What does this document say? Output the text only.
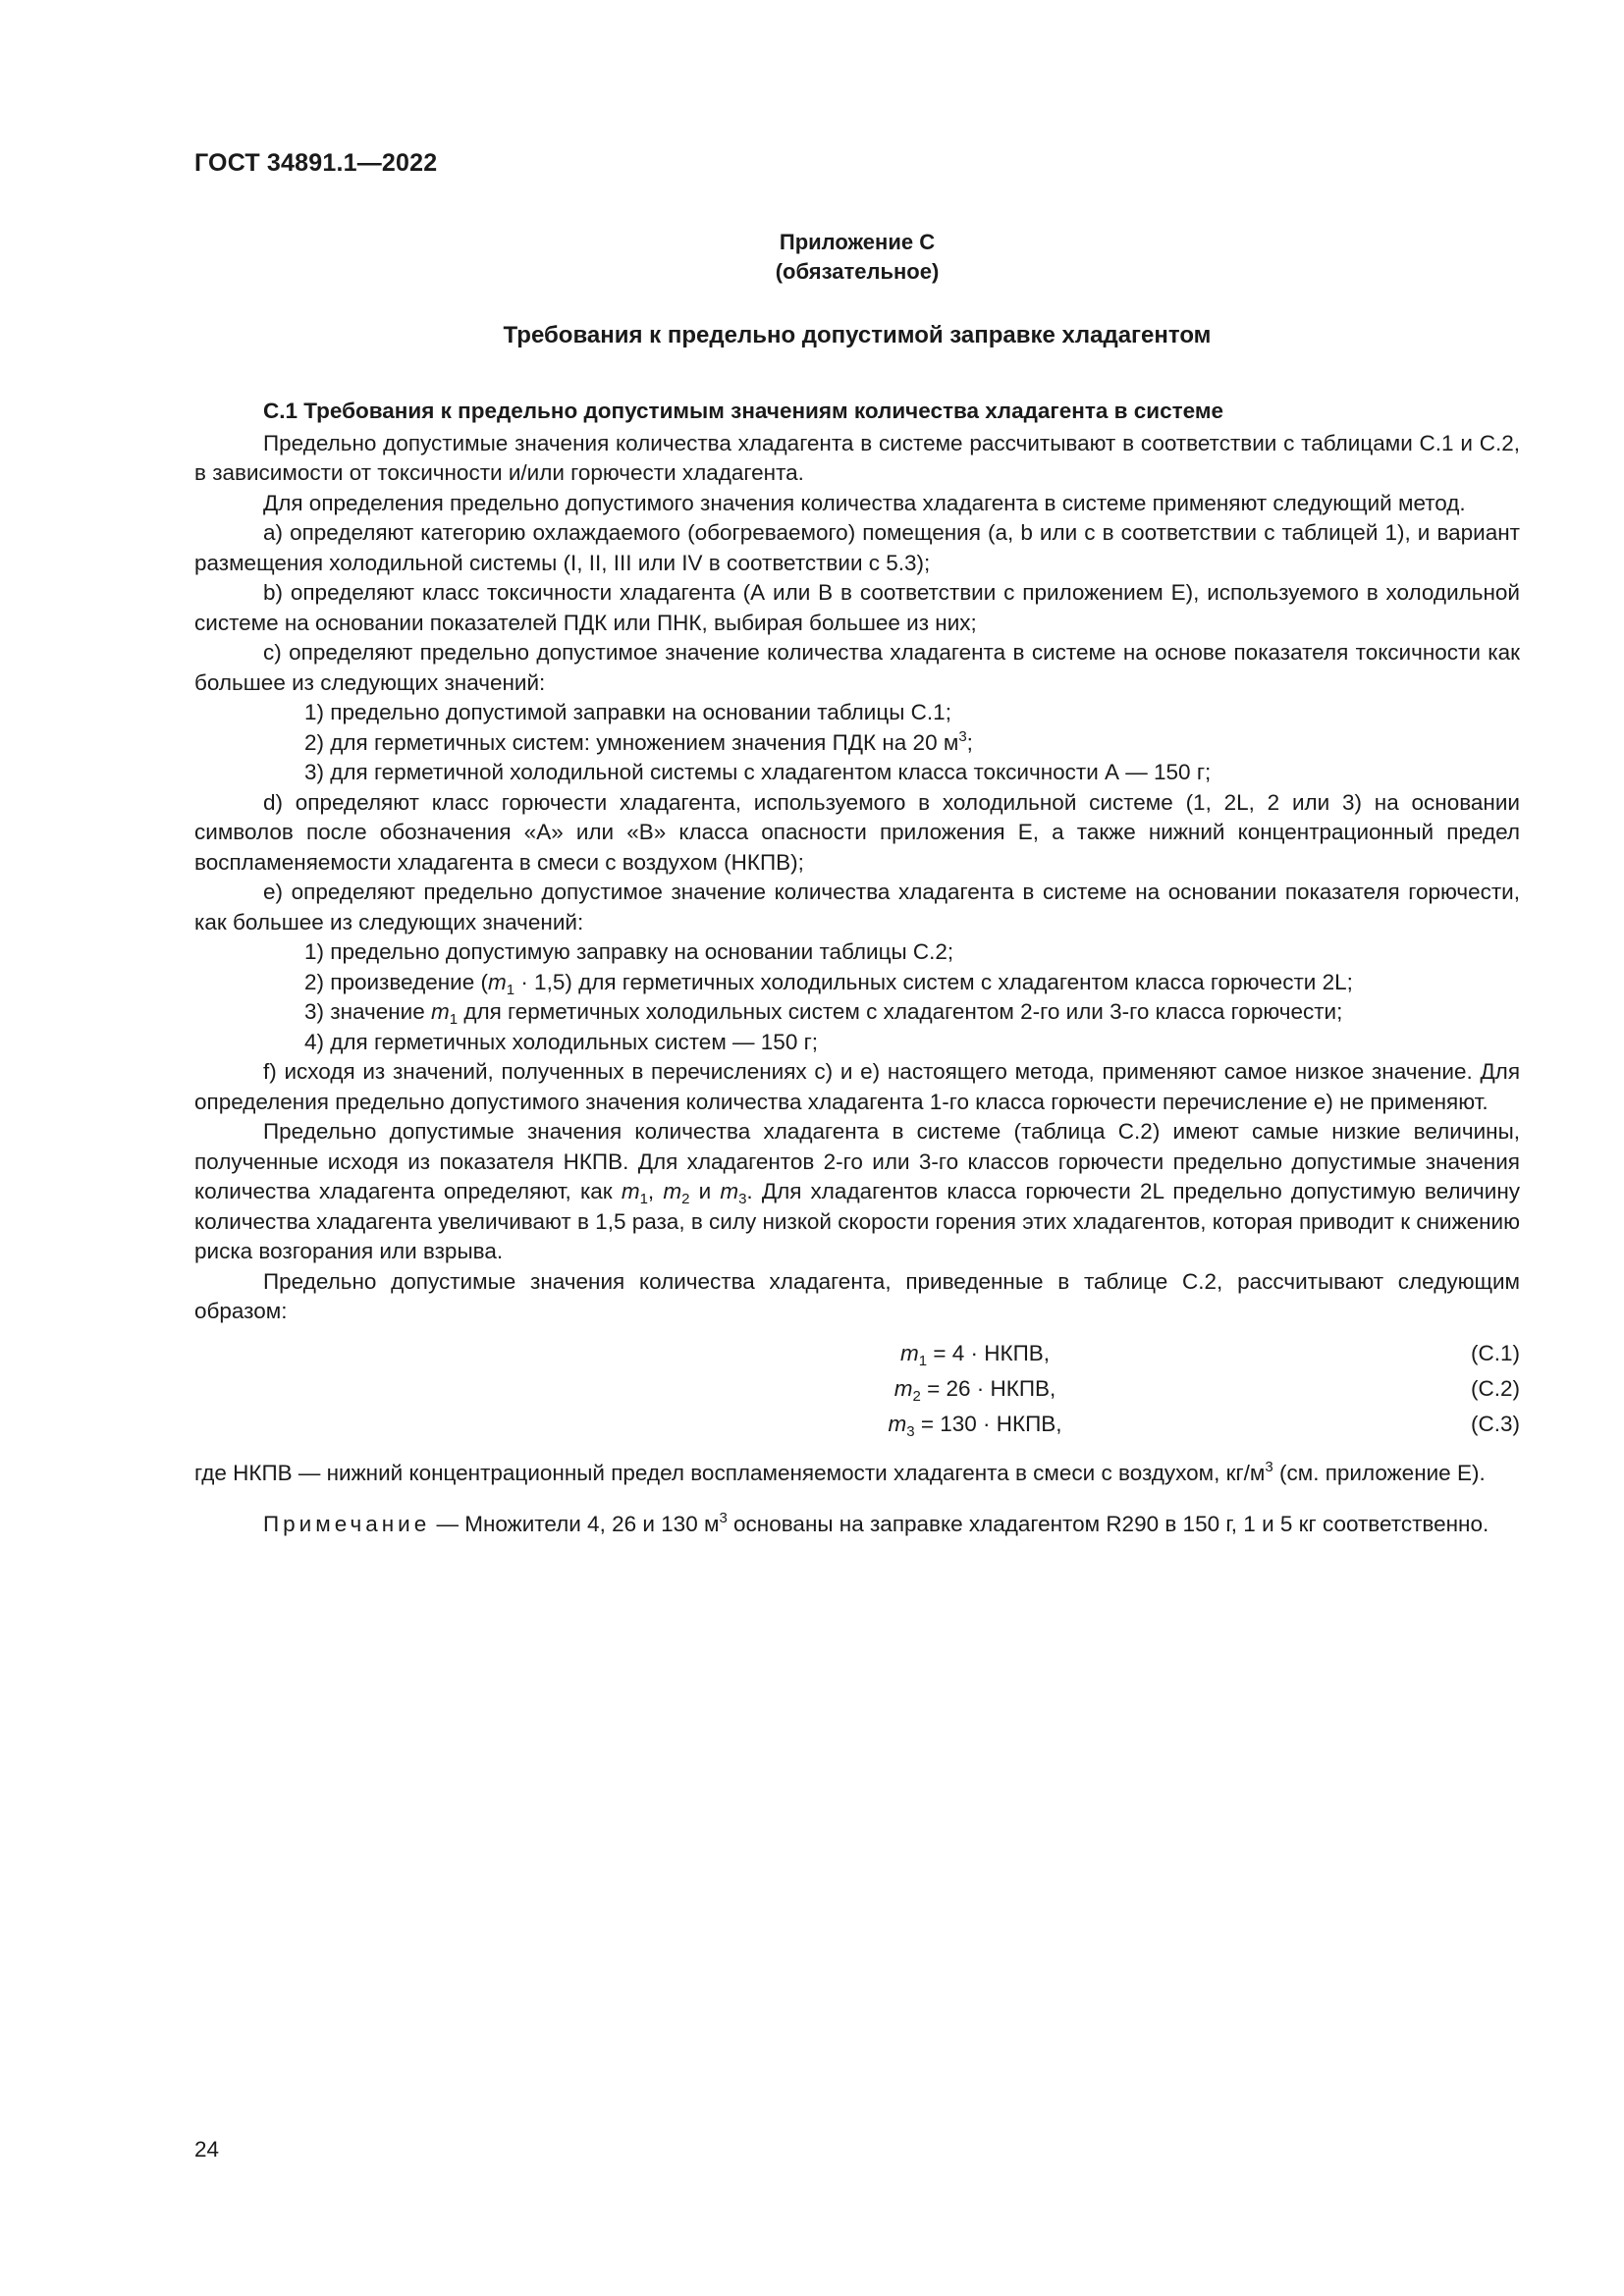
ГОСТ 34891.1—2022
Приложение С
(обязательное)
Требования к предельно допустимой заправке хладагентом

С.1 Требования к предельно допустимым значениям количества хладагента в системе

Предельно допустимые значения количества хладагента в системе рассчитывают в соответствии с таблицами С.1 и С.2, в зависимости от токсичности и/или горючести хладагента.

Для определения предельно допустимого значения количества хладагента в системе применяют следующий метод.

а) определяют категорию охлаждаемого (обогреваемого) помещения (а, b или с в соответствии с таблицей 1), и вариант размещения холодильной системы (I, II, III или IV в соответствии с 5.3);

b) определяют класс токсичности хладагента (А или В в соответствии с приложением Е), используемого в холодильной системе на основании показателей ПДК или ПНК, выбирая большее из них;

с) определяют предельно допустимое значение количества хладагента в системе на основе показателя токсичности как большее из следующих значений:

1) предельно допустимой заправки на основании таблицы С.1;

2) для герметичных систем: умножением значения ПДК на 20 $м^3$;

3) для герметичной холодильной системы с хладагентом класса токсичности А — 150 г;

d) определяют класс горючести хладагента, используемого в холодильной системе (1, 2L, 2 или 3) на основании символов после обозначения «А» или «В» класса опасности приложения Е, а также нижний концентрационный предел воспламеняемости хладагента в смеси с воздухом (НКПВ);

е) определяют предельно допустимое значение количества хладагента в системе на основании показателя горючести, как большее из следующих значений:

1) предельно допустимую заправку на основании таблицы С.2;

2) произведение $(m_1 \cdot 1,5)$ для герметичных холодильных систем с хладагентом класса горючести 2L;

3) значение $m_1$ для герметичных холодильных систем с хладагентом 2-го или 3-го класса горючести;

4) для герметичных холодильных систем — 150 г;

f) исходя из значений, полученных в перечислениях с) и е) настоящего метода, применяют самое низкое значение. Для определения предельно допустимого значения количества хладагента 1-го класса горючести перечисление е) не применяют.

Предельно допустимые значения количества хладагента в системе (таблица С.2) имеют самые низкие величины, полученные исходя из показателя НКПВ. Для хладагентов 2-го или 3-го классов горючести предельно допустимые значения количества хладагента определяют, как $m_1$, $m_2$ и $m_3$. Для хладагентов класса горючести 2L предельно допустимую величину количества хладагента увеличивают в 1,5 раза, в силу низкой скорости горения этих хладагентов, которая приводит к снижению риска возгорания или взрыва.

Предельно допустимые значения количества хладагента, приведенные в таблице С.2, рассчитывают следующим образом:

$m_1 = 4$ · НКПВ,	(С.1)
$m_2 = 26$ · НКПВ,	(С.2)
$m_3 = 130$ · НКПВ,	(С.3)

где НКПВ — нижний концентрационный предел воспламеняемости хладагента в смеси с воздухом, $кг/м^3$ (см. приложение Е).

Примечание — Множители 4, 26 и 130 $м^3$ основаны на заправке хладагентом R290 в 150 г, 1 и 5 кг соответственно.

24
